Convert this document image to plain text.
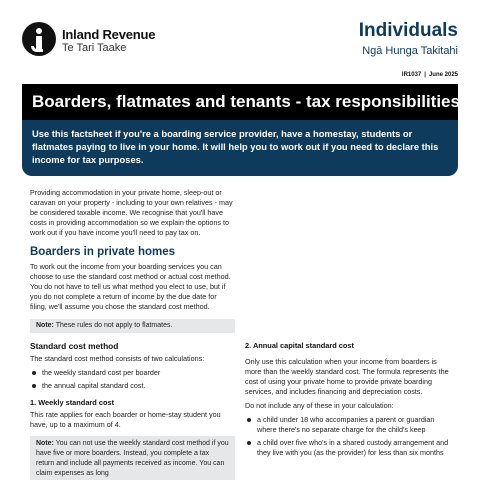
Inland Revenue
Te Tari Taake
Individuals
Ngā Hunga Takitahi
IR1037 | June 2025
Boarders, flatmates and tenants - tax responsibilities

Use this factsheet if you're a boarding service provider, have a homestay, students or flatmates paying to live in your home. It will help you to work out if you need to declare this income for tax purposes.

Providing accommodation in your private home, sleep-out or caravan on your property - including to your own relatives - may be considered taxable income. We recognise that you'll have costs in providing accommodation so we explain the options to work out if you have income you'll need to pay tax on.

Boarders in private homes

To work out the income from your boarding services you can choose to use the standard cost method or actual cost method. You do not have to tell us what method you elect to use, but if you do not complete a return of income by the due date for filing, we'll assume you chose the standard cost method.

Note: These rules do not apply to flatmates.
Standard cost method

The standard cost method consists of two calculations:

the weekly standard cost per boarder
the annual capital standard cost.
1. Weekly standard cost

This rate applies for each boarder or home-stay student you have, up to a maximum of 4.

Note: You can not use the weekly standard cost method if you have five or more boarders. Instead, you complete a tax return and include all payments received as income. You can claim expenses as long
2. Annual capital standard cost

Only use this calculation when your income from boarders is more than the weekly standard cost. The formula represents the cost of using your private home to provide private boarding services, and includes financing and depreciation costs.

Do not include any of these in your calculation:

a child under 18 who accompanies a parent or guardian where there's no separate charge for the child's keep
a child over five who's in a shared custody arrangement and they live with you (as the provider) for less than six months
